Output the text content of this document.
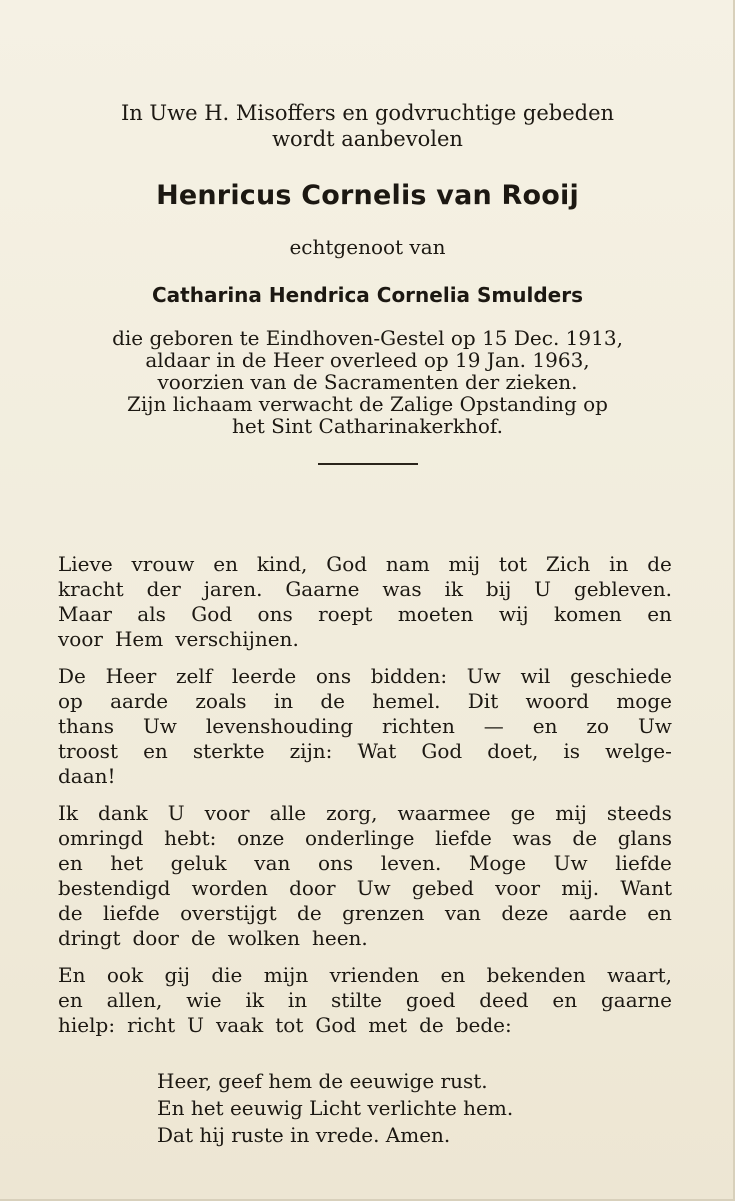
In Uwe H. Misoffers en godvruchtige gebeden
wordt aanbevolen

Henricus Cornelis van Rooij
echtgenoot van
Catharina Hendrica Cornelia Smulders
die geboren te Eindhoven-Gestel op 15 Dec. 1913,
aldaar in de Heer overleed op 19 Jan. 1963,
voorzien van de Sacramenten der zieken.
Zijn lichaam verwacht de Zalige Opstanding op
het Sint Catharinakerkhof.
Lieve vrouw en kind, God nam mij tot Zich in de
kracht der jaren. Gaarne was ik bij U gebleven.
Maar als God ons roept moeten wij komen en
voor Hem verschijnen.
De Heer zelf leerde ons bidden: Uw wil geschiede
op aarde zoals in de hemel. Dit woord moge
thans Uw levenshouding richten — en zo Uw
troost en sterkte zijn: Wat God doet, is welge-
daan!
Ik dank U voor alle zorg, waarmee ge mij steeds
omringd hebt: onze onderlinge liefde was de glans
en het geluk van ons leven. Moge Uw liefde
bestendigd worden door Uw gebed voor mij. Want
de liefde overstijgt de grenzen van deze aarde en
dringt door de wolken heen.
En ook gij die mijn vrienden en bekenden waart,
en allen, wie ik in stilte goed deed en gaarne
hielp: richt U vaak tot God met de bede:
Heer, geef hem de eeuwige rust.
En het eeuwig Licht verlichte hem.
Dat hij ruste in vrede. Amen.
